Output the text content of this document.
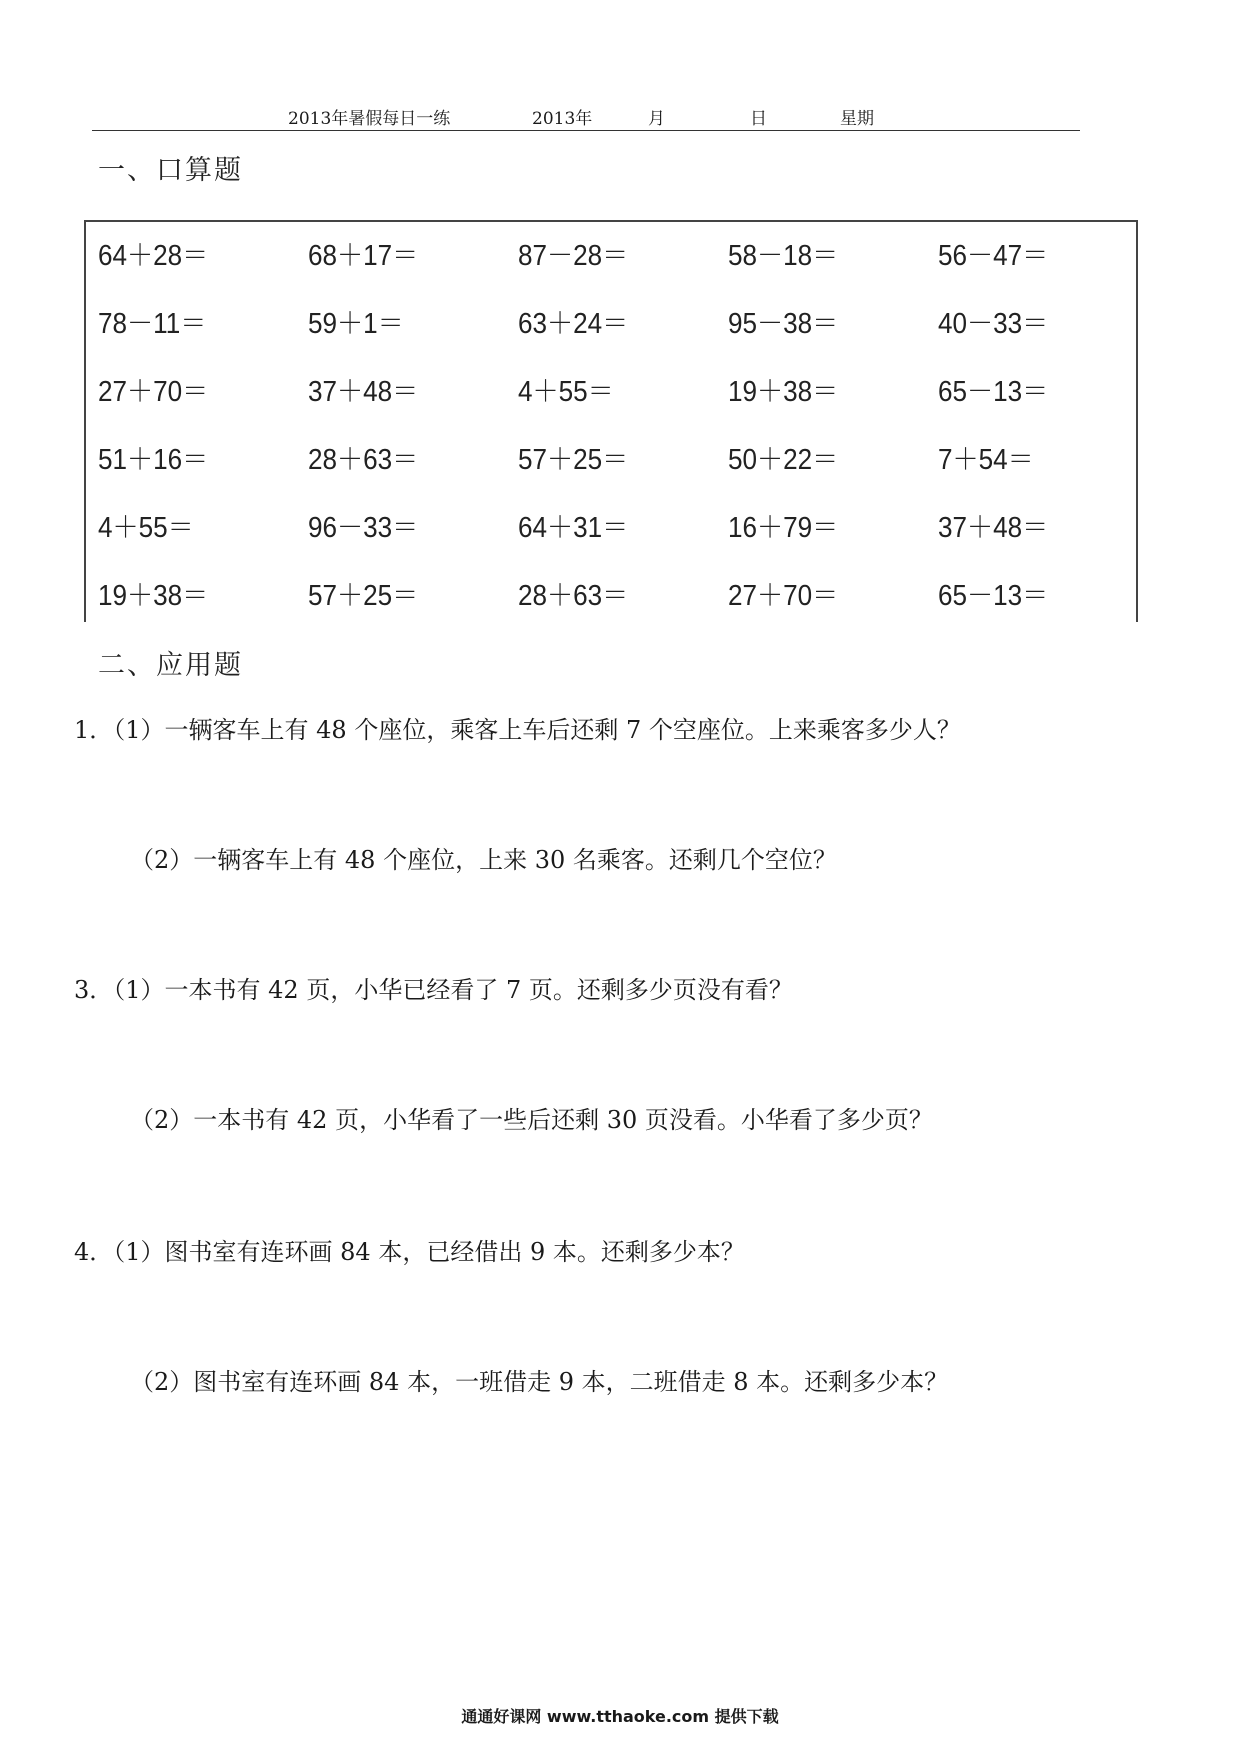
2013年暑假每日一练	2013年	月	日	星期
一、口算题
64＋28＝	68＋17＝	87－28＝	58－18＝	56－47＝
78－11＝	59＋1＝	63＋24＝	95－38＝	40－33＝
27＋70＝	37＋48＝	4＋55＝	19＋38＝	65－13＝
51＋16＝	28＋63＝	57＋25＝	50＋22＝	7＋54＝
4＋55＝	96－33＝	64＋31＝	16＋79＝	37＋48＝
19＋38＝	57＋25＝	28＋63＝	27＋70＝	65－13＝
二、应用题
1．（1）一辆客车上有 48 个座位，乘客上车后还剩 7 个空座位。上来乘客多少人？
（2）一辆客车上有 48 个座位，上来 30 名乘客。还剩几个空位？
3．（1）一本书有 42 页，小华已经看了 7 页。还剩多少页没有看？
（2）一本书有 42 页，小华看了一些后还剩 30 页没看。小华看了多少页？
4．（1）图书室有连环画 84 本，已经借出 9 本。还剩多少本？
（2）图书室有连环画 84 本，一班借走 9 本，二班借走 8 本。还剩多少本？
通通好课网 www.tthaoke.com 提供下载
